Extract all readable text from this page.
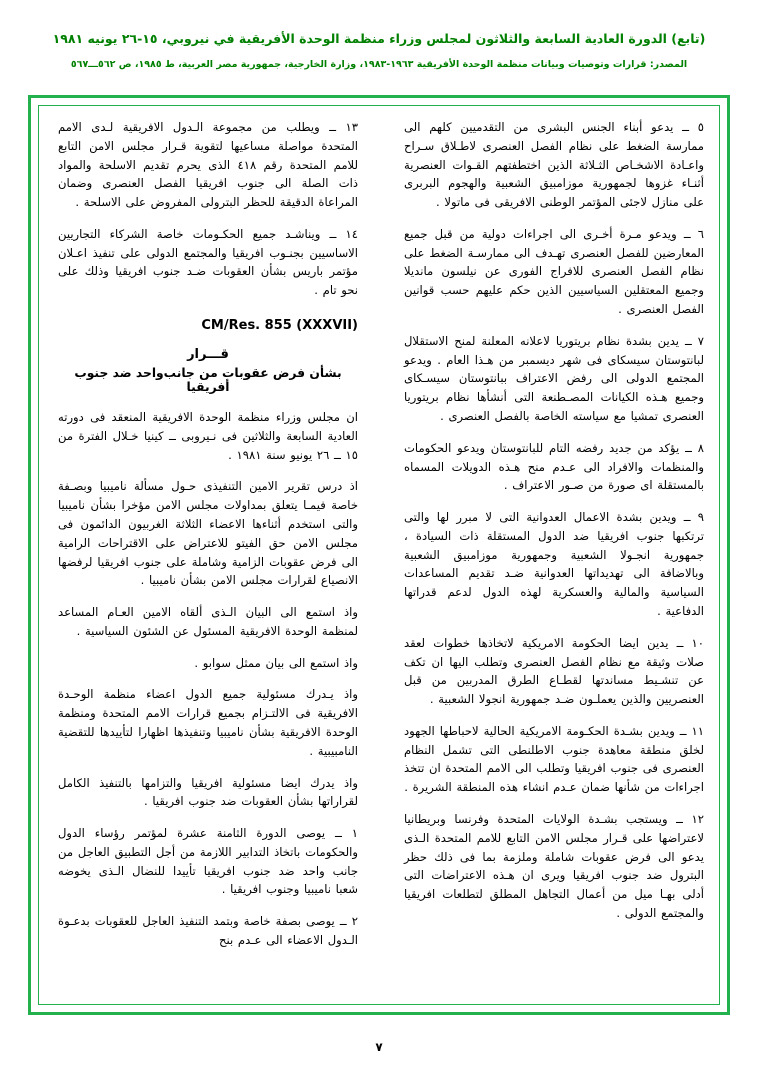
(تابع) الدورة العادية السابعة والثلاثون لمجلس وزراء منظمة الوحدة الأفريقية في نيروبي، ١٥-٢٦ يونيه ١٩٨١
المصدر: ‏قرارات وتوصيات وبيانات منظمة الوحدة الأفريقية ١٩٦٣-١٩٨٣، وزارة الخارجية، جمهورية مصر العربية، ط ١٩٨٥، ص ٥٦٢ـــ٥٦٧

٥ ــ يدعو أبناء الجنس البشرى من التقدميين كلهم الى ممارسة الضغط على نظام الفصل العنصرى لاطـلاق سـراح واعـادة الاشخـاص الثـلاثة الذين اختطفتهم القـوات العنصرية أثنـاء غزوها لجمهورية موزامبيق الشعبية والهجوم البربرى على منازل لاجئى المؤتمر الوطنى الافريقى فى ماتولا .

٦ ــ ويدعو مـرة أخـرى الى اجراءات دولية من قبل جميع المعارضين للفصل العنصرى تهـدف الى ممارسـة الضغط على نظام الفصل العنصرى للافراج الفورى عن نيلسون مانديلا وجميع المعتقلين السياسيين الذين حكم عليهم حسب قوانين الفصل العنصرى .

٧ ــ يدين بشدة نظام بريتوريا لاعلانه المعلنة لمنح الاستقلال لبانتوستان سيسكاى فى شهر ديسمبر من هـذا العام . ويدعو المجتمع الدولى الى رفض الاعتراف ببانتوستان سيسـكاى وجميع هـذه الكيانات المصـطنعة التى أنشأها نظام بريتوريا العنصرى تمشيا مع سياسته الخاصة بالفصل العنصرى .

٨ ــ يؤكد من جديد رفضه التام للبانتوستان ويدعو الحكومات والمنظمات والافراد الى عـدم منح هـذه الدويلات المسماه بالمستقلة اى صورة من صـور الاعتراف .

٩ ــ ويدين بشدة الاعمال العدوانية التى لا مبرر لها والتى ترتكبها جنوب افريقيا ضد الدول المستقلة ذات السيادة ، جمهورية انجـولا الشعبية وجمهورية موزامبيق الشعبية وبالاضافة الى تهديداتها العدوانية ضـد تقديم المساعدات السياسية والمالية والعسكرية لهذه الدول لدعم قدراتها الدفاعية .

١٠ ــ يدين ايضا الحكومة الامريكية لاتخاذها خطوات لعقد صلات وثيقة مع نظام الفصل العنصرى وتطلب اليها ان تكف عن تنشـيط مساندتها لقطـاع الطرق المدربين من قبل العنصريين والذين يعملـون ضـد جمهورية انجولا الشعبية .

١١ ــ ويدين بشـدة الحكـومة الامريكية الحالية لاحباطها الجهود لخلق منطقة معاهدة جنوب الاطلنطى التى تشمل النظام العنصرى فى جنوب افريقيا وتطلب الى الامم المتحدة ان تتخذ اجراءات من شأنها ضمان عـدم انشاء هذه المنطقة الشريرة .

١٢ ــ ويستجب بشـدة الولايات المتحدة وفرنسا وبريطانيا لاعتراضها على قـرار مجلس الامن التابع للامم المتحدة الـذى يدعو الى فرض عقوبات شاملة وملزمة بما فى ذلك حظر البترول ضد جنوب افريقيا ويرى ان هـذه الاعتراضات التى أدلى بهـا ميل من أعمال التجاهل المطلق لتطلعات افريقيا والمجتمع الدولى .

١٣ ــ ويطلب من مجموعة الـدول الافريقية لـدى الامم المتحدة مواصلة مساعيها لتقوية قـرار مجلس الامن التابع للامم المتحدة رقم ٤١٨ الذى يحرم تقديم الاسلحة والمواد ذات الصلة الى جنوب افريقيا الفصل العنصرى وضمان المراعاة الدقيقة للحظر البترولى المفروض على الاسلحة .

١٤ ــ ويناشـد جميع الحكـومات خاصة الشركاء التجاريين الاساسيين بجنـوب افريقيا والمجتمع الدولى على تنفيذ اعـلان مؤتمر باريس بشأن العقوبات ضـد جنوب افريقيا وذلك على نحو تام .

CM/Res. 855 (XXXVII)
قـــرار
بشأن فرض عقوبات من جانب‌واحد ضد جنوب أفريقيا

ان مجلس وزراء منظمة الوحدة الافريقية المنعقد فى دورته العادية السابعة والثلاثين فى نـيروبى ــ كينيا خـلال الفترة من ١٥ ــ ٢٦ يونيو سنة ١٩٨١ .

اذ درس تقرير الامين التنفيذى حـول مسألة ناميبيا وبصـفة خاصة فيمـا يتعلق بمداولات مجلس الامن مؤخرا بشأن ناميبيا والتى استخدم أثناءها الاعضاء الثلاثة الغربيون الدائمون فى مجلس الامن حق الفيتو للاعتراض على الاقتراحات الرامية الى فرض عقوبات الزامية وشاملة على جنوب افريقيا لرفضها الانصياع لقرارات مجلس الامن بشأن ناميبيا .

واذ استمع الى البيان الـذى ألقاه الامين العـام المساعد لمنظمة الوحدة الافريقية المسئول عن الشئون السياسية .

واذ استمع الى بيان ممثل سوابو .

واذ يـدرك مسئولية جميع الدول اعضاء منظمة الوحـدة الافريقية فى الالتـزام بجميع قرارات الامم المتحدة ومنظمة الوحدة الافريقية بشأن ناميبيا وتنفيذها اظهارا لتأييدها للتقضية النامبيبية .

واذ يدرك ايضا مسئولية افريقيا والتزامها بالتنفيذ الكامل لقراراتها بشأن العقوبات ضد جنوب افريقيا .

١ ــ يوصى الدورة الثامنة عشرة لمؤتمر رؤساء الدول والحكومات باتخاذ التدابير اللازمة من أجل التطبيق العاجل من جانب واحد ضد جنوب افريقيا تأييدا للنضال الـذى يخوضه شعبا ناميبيا وجنوب افريقيا .

٢ ــ يوصى بصفة خاصة وبتمد التنفيذ العاجل للعقوبات بدعـوة الـدول الاعضاء الى عـدم بنح

٧
